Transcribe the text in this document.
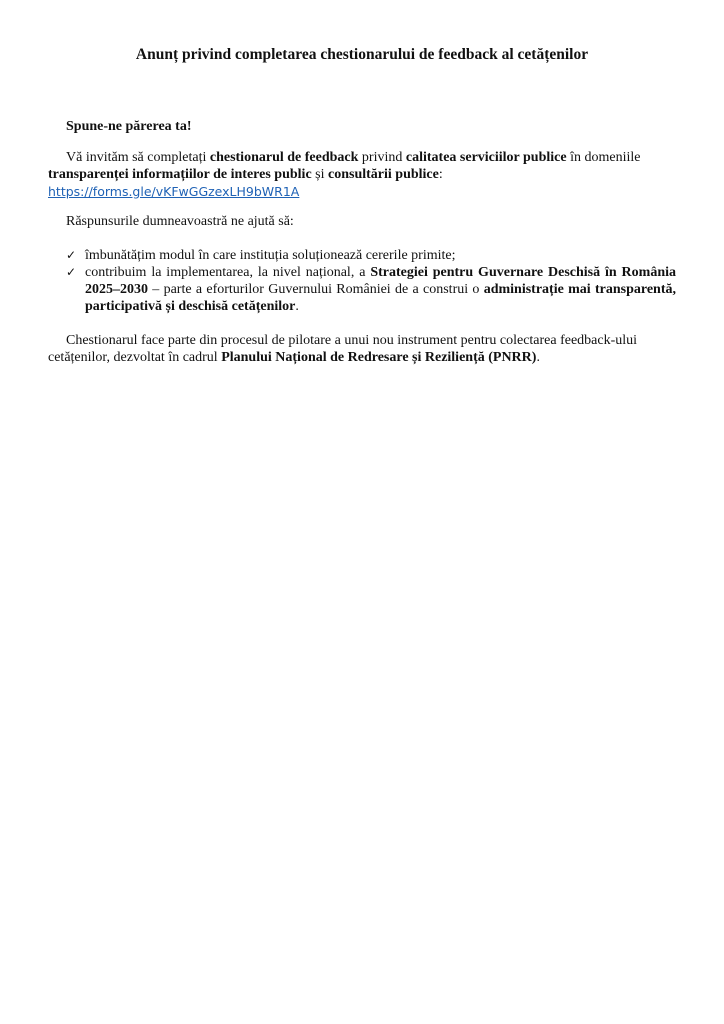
Anunț privind completarea chestionarului de feedback al cetățenilor

Spune-ne părerea ta!

Vă invităm să completați chestionarul de feedback privind calitatea serviciilor publice în domeniile transparenței informațiilor de interes public și consultării publice:
https://forms.gle/vKFwGGzexLH9bWR1A

Răspunsurile dumneavoastră ne ajută să:

✓ îmbunătățim modul în care instituția soluționează cererile primite;
✓ contribuim la implementarea, la nivel național, a Strategiei pentru Guvernare Deschisă în România 2025–2030 – parte a eforturilor Guvernului României de a construi o administrație mai transparentă, participativă și deschisă cetățenilor.

Chestionarul face parte din procesul de pilotare a unui nou instrument pentru colectarea feedback-ului cetățenilor, dezvoltat în cadrul Planului Național de Redresare și Reziliență (PNRR).
